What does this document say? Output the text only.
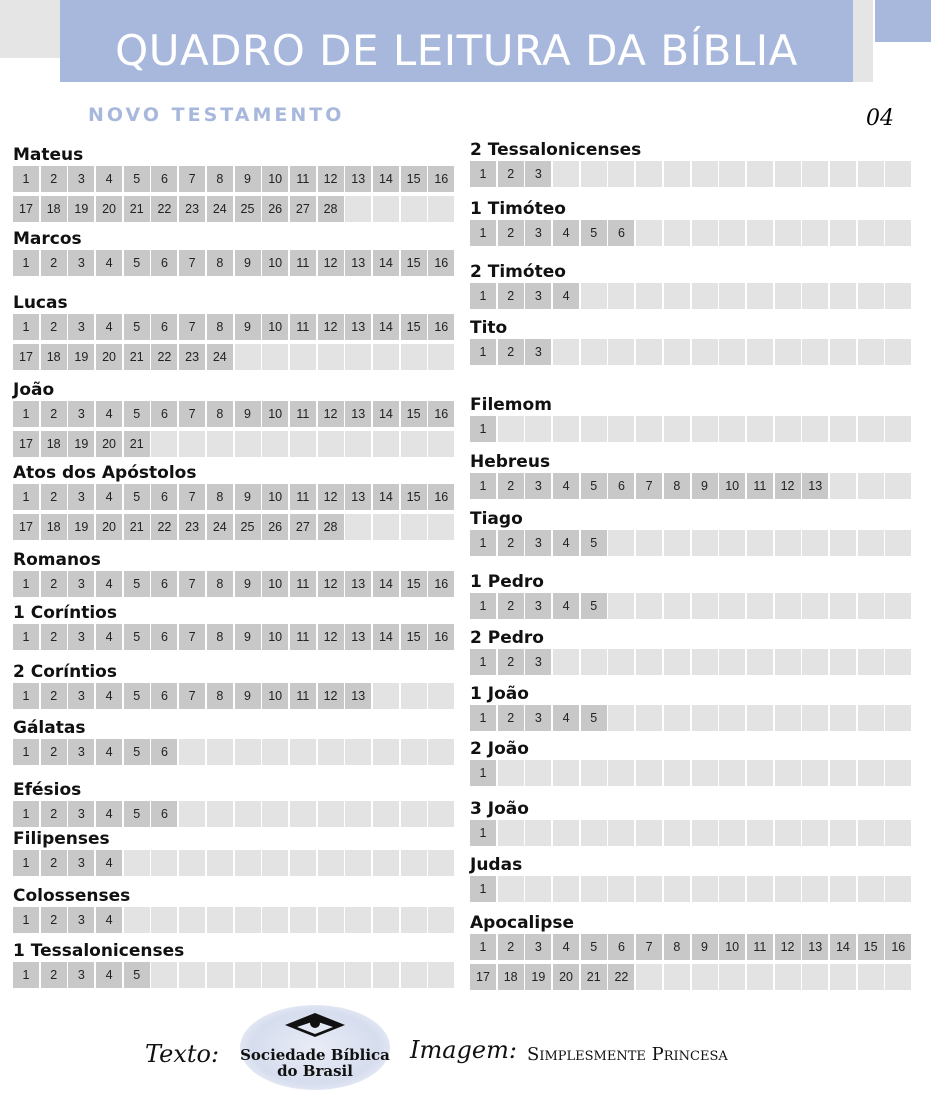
QUADRO DE LEITURA DA BÍBLIA
NOVO TESTAMENTO	04
Mateus
1	2	3	4	5	6	7	8	9	10	11	12	13	14	15	16
17	18	19	20	21	22	23	24	25	26	27	28
Marcos
1	2	3	4	5	6	7	8	9	10	11	12	13	14	15	16
Lucas
1	2	3	4	5	6	7	8	9	10	11	12	13	14	15	16
17	18	19	20	21	22	23	24
João
1	2	3	4	5	6	7	8	9	10	11	12	13	14	15	16
17	18	19	20	21
Atos dos Apóstolos
1	2	3	4	5	6	7	8	9	10	11	12	13	14	15	16
17	18	19	20	21	22	23	24	25	26	27	28
Romanos
1	2	3	4	5	6	7	8	9	10	11	12	13	14	15	16
1 Coríntios
1	2	3	4	5	6	7	8	9	10	11	12	13	14	15	16
2 Coríntios
1	2	3	4	5	6	7	8	9	10	11	12	13
Gálatas
1	2	3	4	5	6
Efésios
1	2	3	4	5	6
Filipenses
1	2	3	4
Colossenses
1	2	3	4
1 Tessalonicenses
1	2	3	4	5
2 Tessalonicenses
1	2	3
1 Timóteo
1	2	3	4	5	6
2 Timóteo
1	2	3	4
Tito
1	2	3
Filemom
1
Hebreus
1	2	3	4	5	6	7	8	9	10	11	12	13
Tiago
1	2	3	4	5
1 Pedro
1	2	3	4	5
2 Pedro
1	2	3
1 João
1	2	3	4	5
2 João
1
3 João
1
Judas
1
Apocalipse
1	2	3	4	5	6	7	8	9	10	11	12	13	14	15	16
17	18	19	20	21	22
Texto: Sociedade Bíblica
do Brasil
Imagem: Simplesmente Princesa
